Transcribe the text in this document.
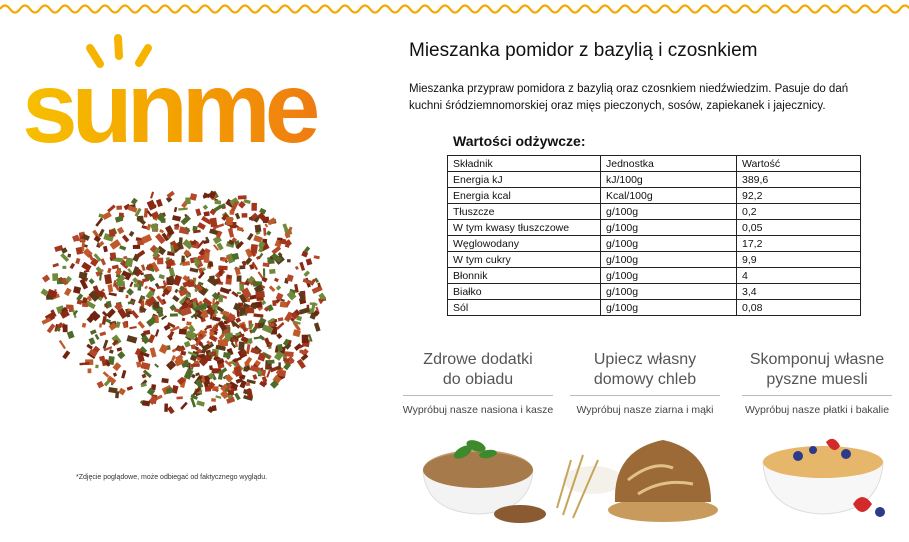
sunme
*Zdjęcie poglądowe, może odbiegać od faktycznego wyglądu.
Mieszanka pomidor z bazylią i czosnkiem
Mieszanka przypraw pomidora z bazylią oraz czosnkiem niedźwiedzim. Pasuje do dań kuchni śródziemnomorskiej oraz mięs pieczonych, sosów, zapiekanek i jajecznicy.
Wartości odżywcze:
Składnik	Jednostka	Wartość
Energia kJ	kJ/100g	389,6
Energia kcal	Kcal/100g	92,2
Tłuszcze	g/100g	0,2
W tym kwasy tłuszczowe	g/100g	0,05
Węglowodany	g/100g	17,2
W tym cukry	g/100g	9,9
Błonnik	g/100g	4
Białko	g/100g	3,4
Sól	g/100g	0,08
Zdrowe dodatki
do obiadu
Wypróbuj nasze nasiona i kasze
Upiecz własny
domowy chleb
Wypróbuj nasze ziarna i mąki
Skomponuj własne
pyszne muesli
Wypróbuj nasze płatki i bakalie
